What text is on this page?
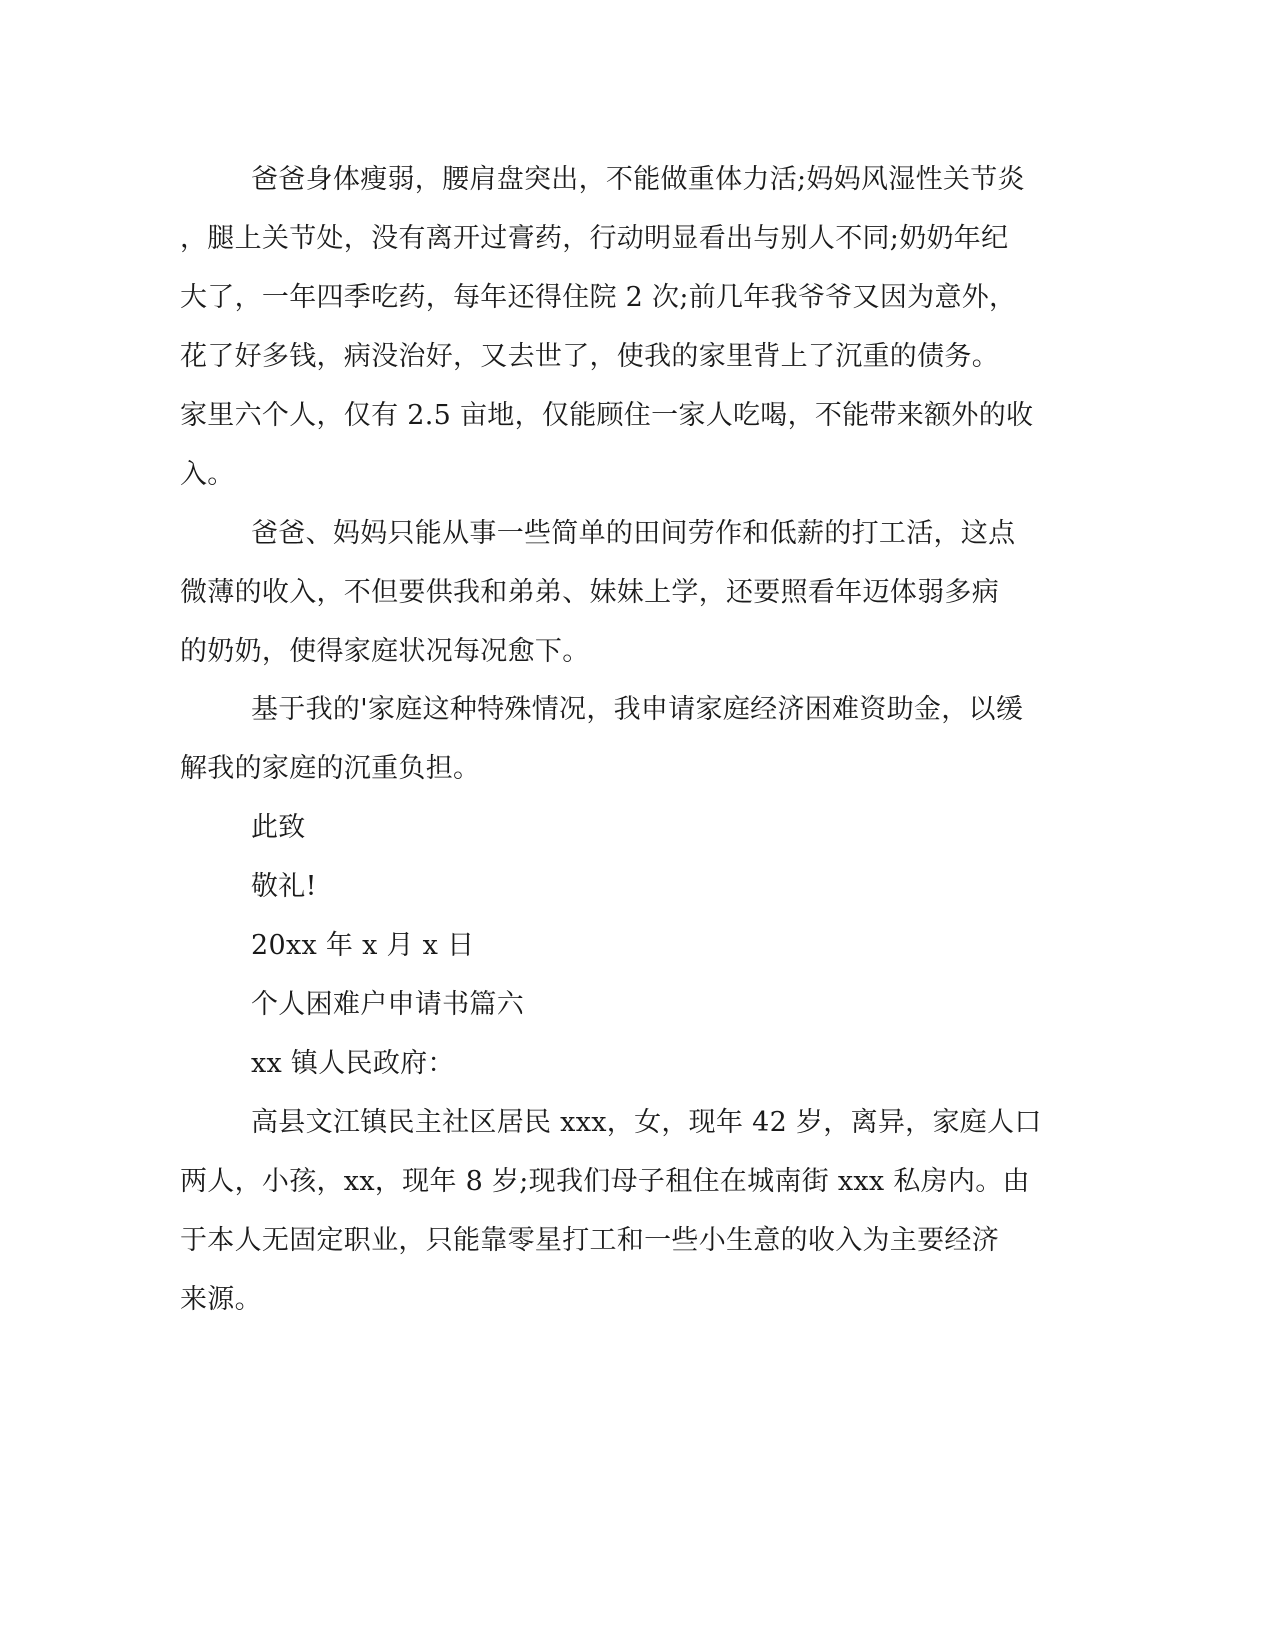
爸爸身体瘦弱，腰肩盘突出，不能做重体力活;妈妈风湿性关节炎
，腿上关节处，没有离开过膏药，行动明显看出与别人不同;奶奶年纪
大了，一年四季吃药，每年还得住院 2 次;前几年我爷爷又因为意外，
花了好多钱，病没治好，又去世了，使我的家里背上了沉重的债务。
家里六个人，仅有 2.5 亩地，仅能顾住一家人吃喝，不能带来额外的收
入。
爸爸、妈妈只能从事一些简单的田间劳作和低薪的打工活，这点
微薄的收入，不但要供我和弟弟、妹妹上学，还要照看年迈体弱多病
的奶奶，使得家庭状况每况愈下。
基于我的'家庭这种特殊情况，我申请家庭经济困难资助金，以缓
解我的家庭的沉重负担。
此致
敬礼!
20xx 年 x 月 x 日
个人困难户申请书篇六
xx 镇人民政府：
高县文江镇民主社区居民 xxx，女，现年 42 岁，离异，家庭人口
两人，小孩，xx，现年 8 岁;现我们母子租住在城南街 xxx 私房内。由
于本人无固定职业，只能靠零星打工和一些小生意的收入为主要经济
来源。
